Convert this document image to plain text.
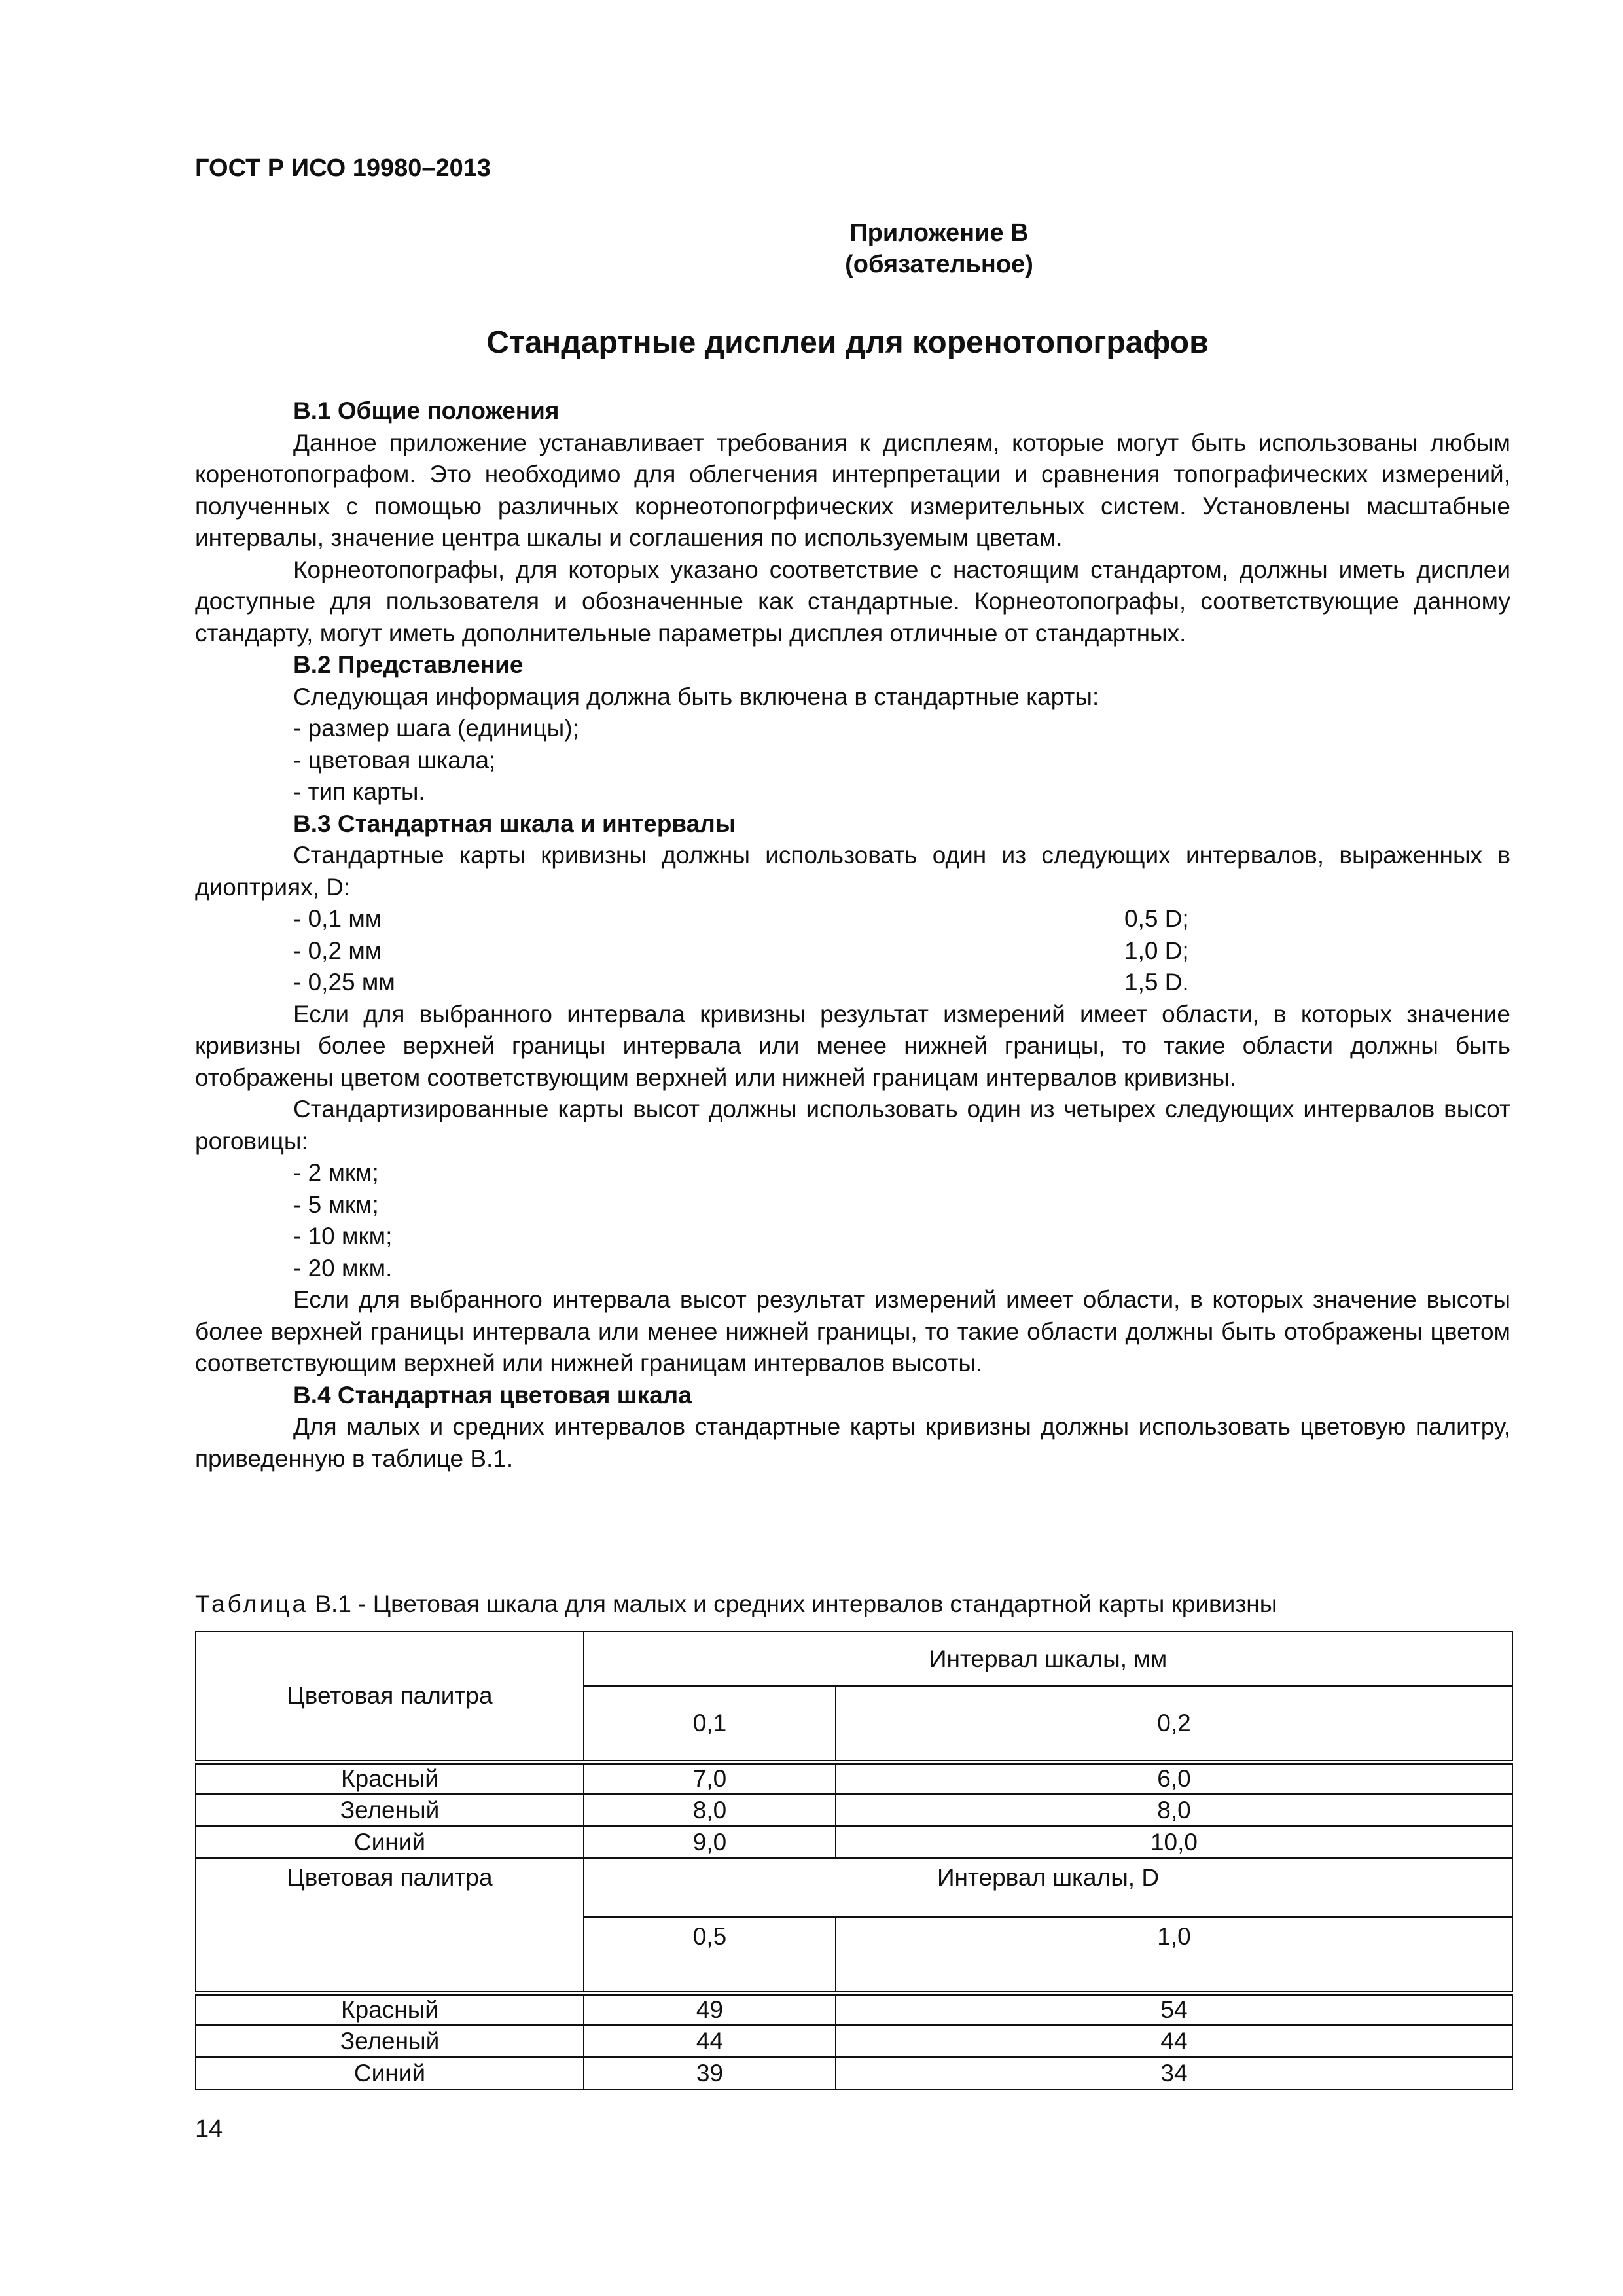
ГОСТ Р ИСО 19980–2013
Приложение В
(обязательное)
Стандартные дисплеи для коренотопографов

В.1 Общие положения

Данное приложение устанавливает требования к дисплеям, которые могут быть использованы любым коренотопографом. Это необходимо для облегчения интерпретации и сравнения топографических измерений, полученных с помощью различных корнеотопогрфических измерительных систем. Установлены масштабные интервалы, значение центра шкалы и соглашения по используемым цветам.

Корнеотопографы, для которых указано соответствие с настоящим стандартом, должны иметь дисплеи доступные для пользователя и обозначенные как стандартные. Корнеотопографы, соответствующие данному стандарту, могут иметь дополнительные параметры дисплея отличные от стандартных.

В.2 Представление

Следующая информация должна быть включена в стандартные карты:

- размер шага (единицы);

- цветовая шкала;

- тип карты.

В.3 Стандартная шкала и интервалы

Стандартные карты кривизны должны использовать один из следующих интервалов, выраженных в диоптриях, D:

- 0,1 мм	0,5 D;
- 0,2 мм	1,0 D;
- 0,25 мм	1,5 D.

Если для выбранного интервала кривизны результат измерений имеет области, в которых значение кривизны более верхней границы интервала или менее нижней границы, то такие области должны быть отображены цветом соответствующим верхней или нижней границам интервалов кривизны.

Стандартизированные карты высот должны использовать один из четырех следующих интервалов высот роговицы:

- 2 мкм;

- 5 мкм;

- 10 мкм;

- 20 мкм.

Если для выбранного интервала высот результат измерений имеет области, в которых значение высоты более верхней границы интервала или менее нижней границы, то такие области должны быть отображены цветом соответствующим верхней или нижней границам интервалов высоты.

В.4 Стандартная цветовая шкала

Для малых и средних интервалов стандартные карты кривизны должны использовать цветовую палитру, приведенную в таблице В.1.

Таблица В.1 - Цветовая шкала для малых и средних интервалов стандартной карты кривизны
Цветовая палитра	Интервал шкалы, мм	
	0,1	0,2
Красный	7,0	6,0
Зеленый	8,0	8,0
Синий	9,0	10,0
Цветовая палитра	Интервал шкалы, D	
	0,5	1,0
Красный	49	54
Зеленый	44	44
Синий	39	34
14
